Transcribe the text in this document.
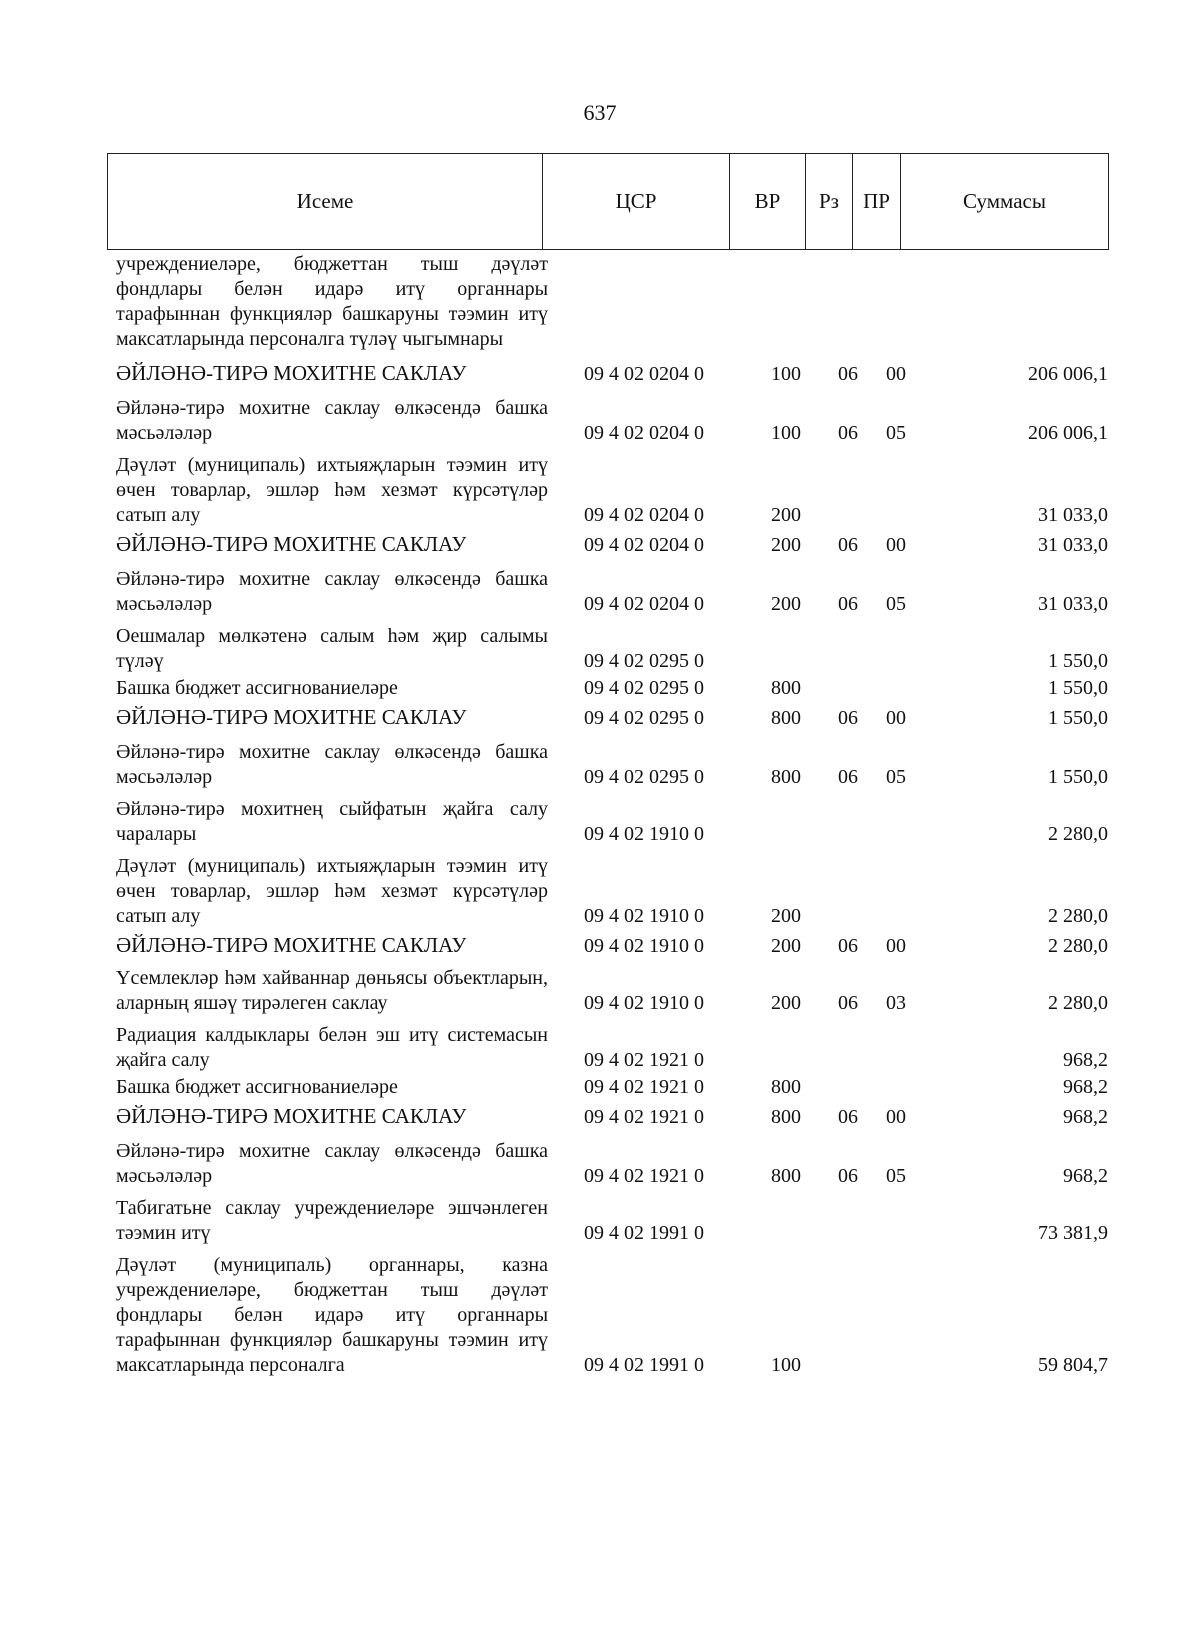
637
Исеме	ЦСР	ВР	Рз	ПР	Суммасы
учреждениеләре, бюджеттан тыш дәүләт фондлары белән идарә итү органнары тарафыннан функцияләр башкаруны тәэмин итү максатларында персоналга түләү чыгымнары
ӘЙЛӘНӘ-ТИРӘ МОХИТНЕ САКЛАУ	09 4 02 0204 0	100 06 00	206 006,1
Әйләнә-тирә мохитне саклау өлкәсендә башка мәсьәләләр	09 4 02 0204 0	100 06 05	206 006,1
Дәүләт (муниципаль) ихтыяҗларын тәэмин итү өчен товарлар, эшләр һәм хезмәт күрсәтүләр сатып алу	09 4 02 0204 0	200	31 033,0
ӘЙЛӘНӘ-ТИРӘ МОХИТНЕ САКЛАУ	09 4 02 0204 0	200 06 00	31 033,0
Әйләнә-тирә мохитне саклау өлкәсендә башка мәсьәләләр	09 4 02 0204 0	200 06 05	31 033,0
Оешмалар мөлкәтенә салым һәм җир салымы түләү	09 4 02 0295 0	1 550,0
Башка бюджет ассигнованиеләре	09 4 02 0295 0	800	1 550,0
ӘЙЛӘНӘ-ТИРӘ МОХИТНЕ САКЛАУ	09 4 02 0295 0	800 06 00	1 550,0
Әйләнә-тирә мохитне саклау өлкәсендә башка мәсьәләләр	09 4 02 0295 0	800 06 05	1 550,0
Әйләнә-тирә мохитнең сыйфатын җайга салу чаралары	09 4 02 1910 0	2 280,0
Дәүләт (муниципаль) ихтыяҗларын тәэмин итү өчен товарлар, эшләр һәм хезмәт күрсәтүләр сатып алу	09 4 02 1910 0	200	2 280,0
ӘЙЛӘНӘ-ТИРӘ МОХИТНЕ САКЛАУ	09 4 02 1910 0	200 06 00	2 280,0
Үсемлекләр һәм хайваннар дөньясы объектларын, аларның яшәү тирәлеген саклау	09 4 02 1910 0	200 06 03	2 280,0
Радиация калдыклары белән эш итү системасын җайга салу	09 4 02 1921 0	968,2
Башка бюджет ассигнованиеләре	09 4 02 1921 0	800	968,2
ӘЙЛӘНӘ-ТИРӘ МОХИТНЕ САКЛАУ	09 4 02 1921 0	800 06 00	968,2
Әйләнә-тирә мохитне саклау өлкәсендә башка мәсьәләләр	09 4 02 1921 0	800 06 05	968,2
Табигатьне саклау учреждениеләре эшчәнлеген тәэмин итү	09 4 02 1991 0	73 381,9
Дәүләт (муниципаль) органнары, казна учреждениеләре, бюджеттан тыш дәүләт фондлары белән идарә итү органнары тарафыннан функцияләр башкаруны тәэмин итү максатларында персоналга	09 4 02 1991 0	100	59 804,7
